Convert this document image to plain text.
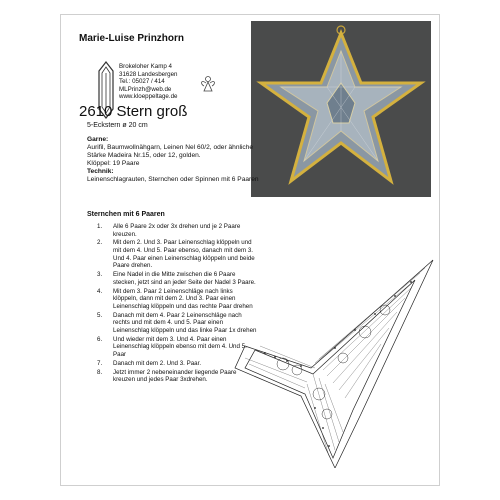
Marie-Luise Prinzhorn
Brokeloher Kamp 4
31628 Landesbergen
Tel.: 05027 / 414
MLPrinzh@web.de
www.kloeppeltage.de
2610 Stern groß
5-Eckstern ø 20 cm
Garne:
Aurifil, Baumwollnähgarn, Leinen Nel 60/2, oder ähnliche Stärke Madeira Nr.15, oder 12, golden.
Klöppel: 19 Paare
Technik:
Leinenschlagrauten, Sternchen oder Spinnen mit 6 Paaren
Sternchen mit 6 Paaren
1. Alle 6 Paare 2x oder 3x drehen und je 2 Paare kreuzen.
2. Mit dem 2. Und 3. Paar Leinenschlag klöppeln und mit dem 4. Und 5. Paar ebenso, danach mit dem 3. Und 4. Paar einen Leinenschlag klöppeln und beide Paare drehen.
3. Eine Nadel in die Mitte zwischen die 6 Paare stecken, jetzt sind an jeder Seite der Nadel 3 Paare.
4. Mit dem 3. Paar 2 Leinenschläge nach links klöppeln, dann mit dem 2. Und 3. Paar einen Leinenschlag klöppeln und das rechte Paar drehen
5. Danach mit dem 4. Paar 2 Leinenschläge nach rechts und mit dem 4. und 5. Paar einen Leinenschlag klöppeln und das linke Paar 1x drehen
6. Und wieder mit dem 3. Und 4. Paar einen Leinenschlag klöppeln ebenso mit dem 4. Und 5. Paar
7. Danach mit dem 2. Und 3. Paar.
8. Jetzt immer 2 nebeneinander liegende Paare kreuzen und jedes Paar 3xdrehen.
